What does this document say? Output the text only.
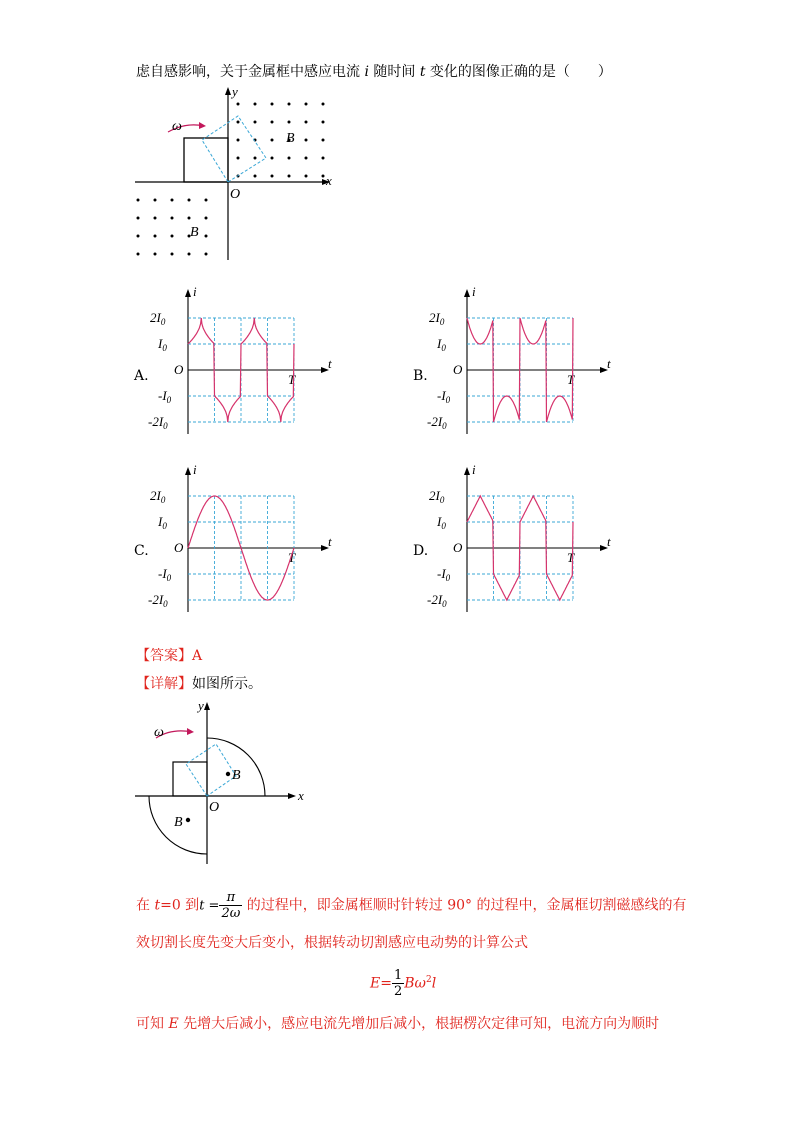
虑自感影响，关于金属框中感应电流 i 随时间 t 变化的图像正确的是（　　）
ω
y
x
O
B
B
A.	B.
C.	D.
i
t
O
T
$2I_0$
$I_0$
$-I_0$
$-2I_0$
i
t
O
T
$2I_0$
$I_0$
$-I_0$
$-2I_0$
i
t
O
T
$2I_0$
$I_0$
$-I_0$
$-2I_0$
i
t
O
T
$2I_0$
$I_0$
$-I_0$
$-2I_0$
【答案】A
【详解】如图所示。
ω
y
x
O
B
B
在 t=0 到$t = \frac{\pi}{2\omega}$ 的过程中，即金属框顺时针转过 90° 的过程中，金属框切割磁感线的有
效切割长度先变大后变小，根据转动切割感应电动势的计算公式
$E= \frac{1}{2} B\omega^2l$
可知 E 先增大后减小，感应电流先增加后减小，根据楞次定律可知，电流方向为顺时
